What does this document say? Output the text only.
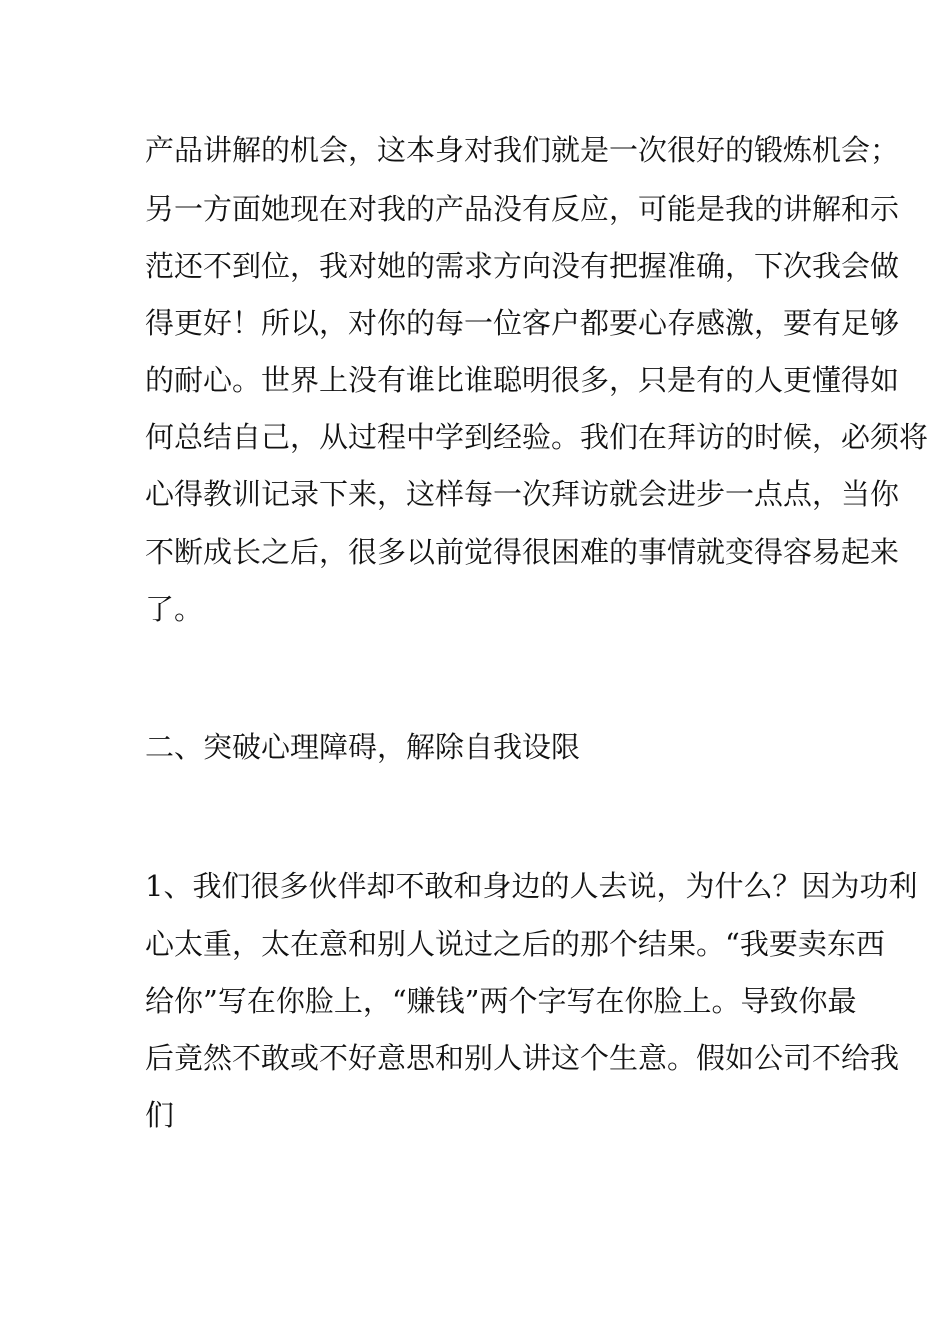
产品讲解的机会，这本身对我们就是一次很好的锻炼机会；
另一方面她现在对我的产品没有反应，可能是我的讲解和示
范还不到位，我对她的需求方向没有把握准确，下次我会做
得更好！所以，对你的每一位客户都要心存感激，要有足够
的耐心。世界上没有谁比谁聪明很多，只是有的人更懂得如
何总结自己，从过程中学到经验。我们在拜访的时候，必须将
心得教训记录下来，这样每一次拜访就会进步一点点，当你
不断成长之后，很多以前觉得很困难的事情就变得容易起来
了。
二、突破心理障碍，解除自我设限
1、我们很多伙伴却不敢和身边的人去说，为什么？因为功利
心太重，太在意和别人说过之后的那个结果。“我要卖东西
给你”写在你脸上，“赚钱”两个字写在你脸上。导致你最
后竟然不敢或不好意思和别人讲这个生意。假如公司不给我
们
